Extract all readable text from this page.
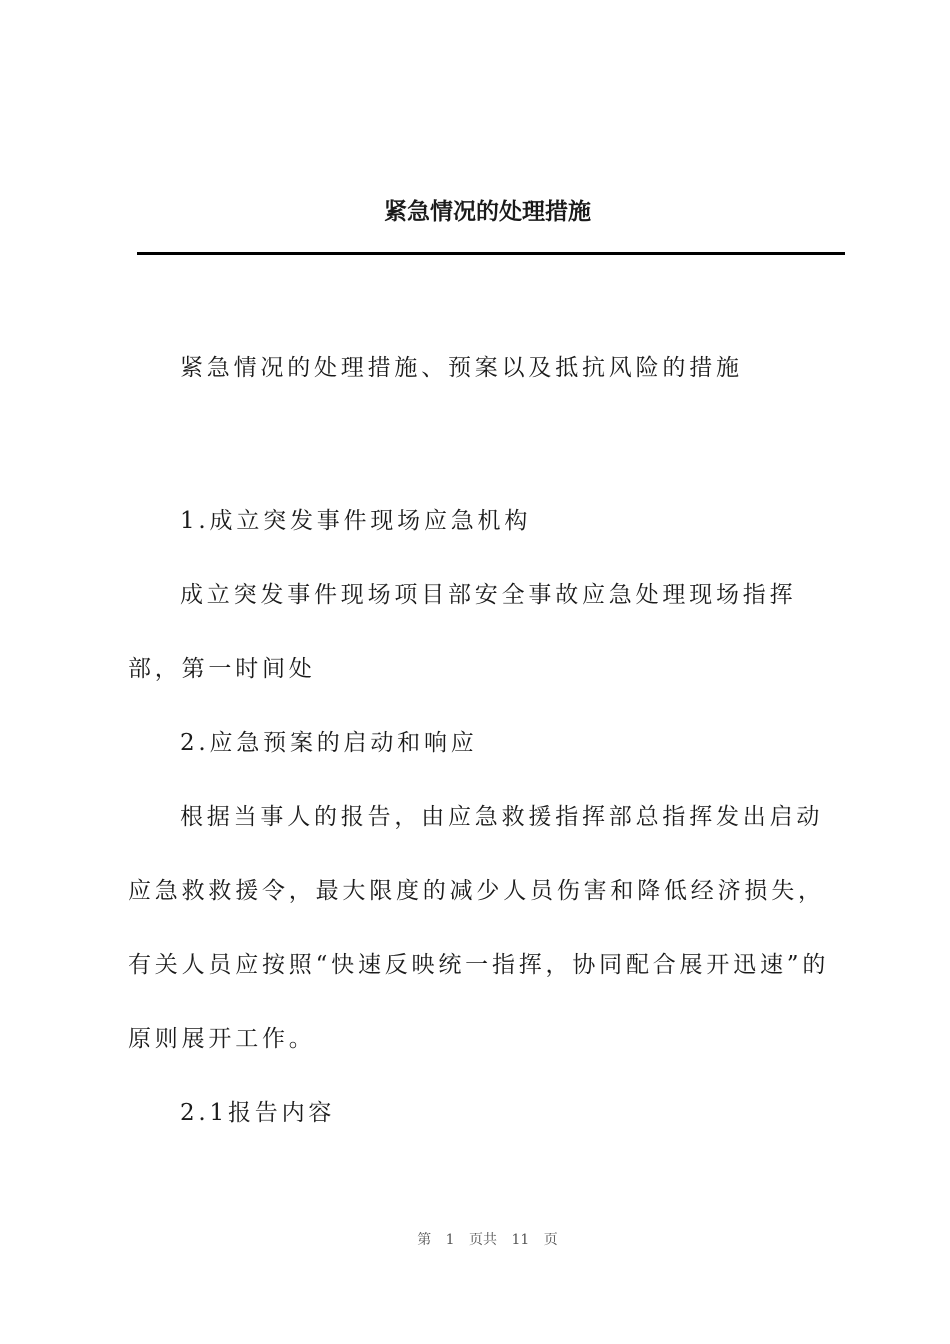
紧急情况的处理措施
紧急情况的处理措施、预案以及抵抗风险的措施

1.成立突发事件现场应急机构

成立突发事件现场项目部安全事故应急处理现场指挥部，第一时间处

2.应急预案的启动和响应

根据当事人的报告，由应急救援指挥部总指挥发出启动应急救救援令，最大限度的减少人员伤害和降低经济损失，有关人员应按照“快速反映统一指挥，协同配合展开迅速”的原则展开工作。

2.1报告内容

第 1 页共 11 页
